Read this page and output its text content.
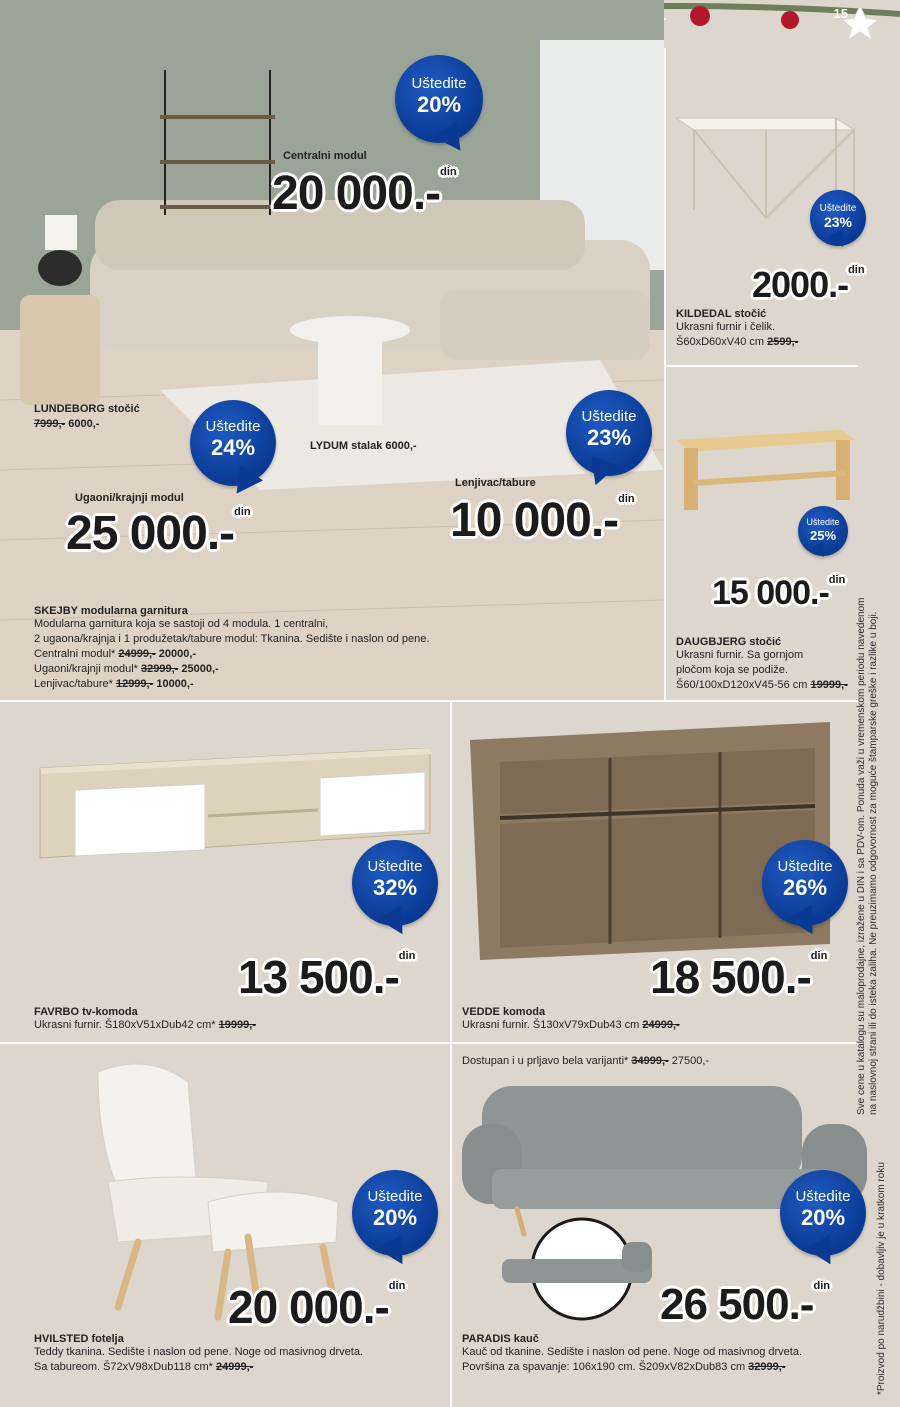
15
Uštedite
20%
Centralni modul
20 000.-$^{din}$
LUNDEBORG stočić
7999,- 6000,-	Uštedite
24%	LYDUM stalak 6000,-
Uštedite
23%
Ugaoni/krajnji modul
25 000.-$^{din}$
Lenjivac/tabure
10 000.-$^{din}$
SKEJBY modularna garnitura
Modularna garnitura koja se sastoji od 4 modula. 1 centralni,
2 ugaona/krajnja i 1 produžetak/tabure modul: Tkanina. Sedište i naslon od pene.
Centralni modul* 24999,- 20000,-
Ugaoni/krajnji modul* 32999,- 25000,-
Lenjivac/tabure* 12999,- 10000,-
Uštedite
23%
2000.-$^{din}$
KILDEDAL stočić
Ukrasni furnir i čelik.
Š60xD60xV40 cm 2599,-
Uštedite
25%
15 000.-$^{din}$
DAUGBJERG stočić
Ukrasni furnir. Sa gornjom
pločom koja se podiže.
Š60/100xD120xV45-56 cm 19999,-
Uštedite
32%
13 500.-$^{din}$
FAVRBO tv-komoda
Ukrasni furnir. Š180xV51xDub42 cm* 19999,-
Uštedite
26%
18 500.-$^{din}$
VEDDE komoda
Ukrasni furnir. Š130xV79xDub43 cm 24999,-
Uštedite
20%
20 000.-$^{din}$
HVILSTED fotelja
Teddy tkanina. Sedište i naslon od pene. Noge od masivnog drveta.
Sa tabureom. Š72xV98xDub118 cm* 24999,-
Dostupan i u prljavo bela varijanti* 34999,- 27500,-
Uštedite
20%
26 500.-$^{din}$
PARADIS kauč
Kauč od tkanine. Sedište i naslon od pene. Noge od masivnog drveta.
Površina za spavanje: 106x190 cm. Š209xV82xDub83 cm 32999,-
Sve cene u katalogu su maloprodajne, izražene u DIN i sa PDV-om. Ponuda važi u vremenskom periodu navedenom na naslovnoj strani ili do isteka zaliha. Ne preuzimamo odgovornost za moguće štamparske greške i razlike u boji.
*Proizvod po narudžbini - dobavljiv je u kratkom roku
